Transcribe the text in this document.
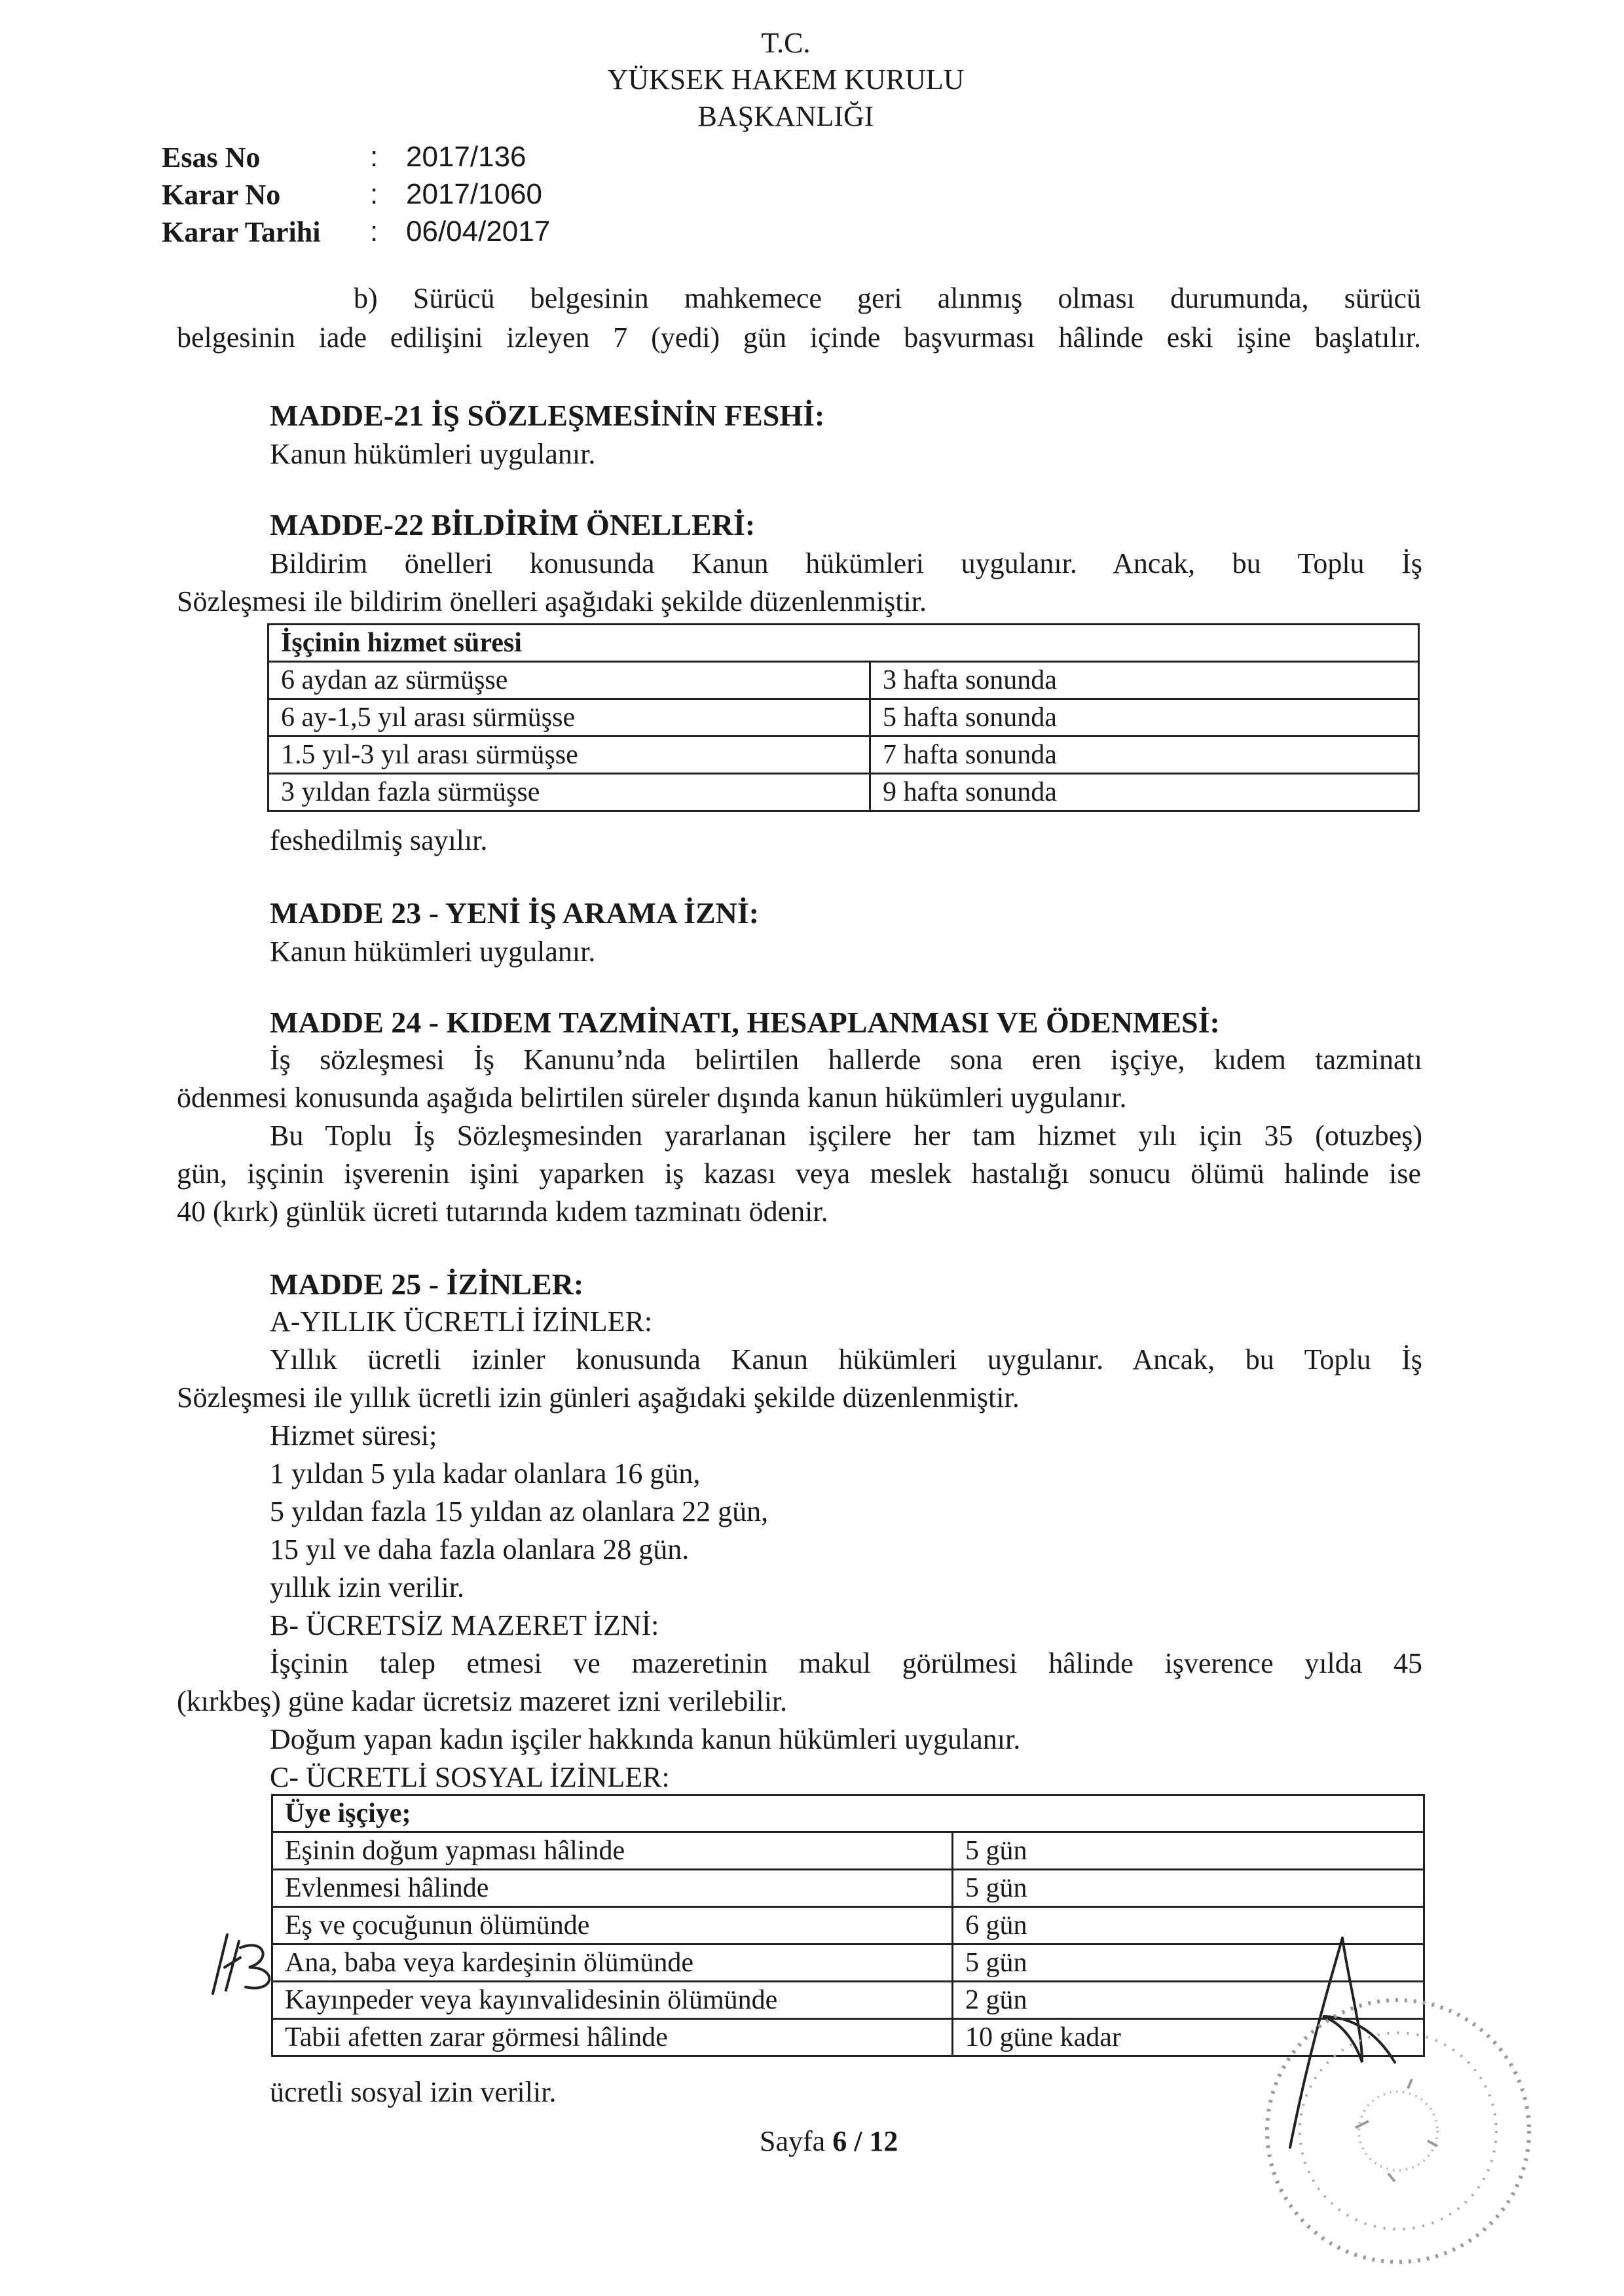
T.C.
YÜKSEK HAKEM KURULU
BAŞKANLIĞI
Esas No	: 2017/136
Karar No	: 2017/1060
Karar Tarihi : 06/04/2017
b) Sürücü belgesinin mahkemece geri alınmış olması durumunda, sürücü
belgesinin iade edilişini izleyen 7 (yedi) gün içinde başvurması hâlinde eski işine başlatılır.
MADDE-21 İŞ SÖZLEŞMESİNİN FESHİ:
Kanun hükümleri uygulanır.
MADDE-22 BİLDİRİM ÖNELLERİ:
Bildirim önelleri konusunda Kanun hükümleri uygulanır. Ancak, bu Toplu İş
Sözleşmesi ile bildirim önelleri aşağıdaki şekilde düzenlenmiştir.
İşçinin hizmet süresi	
6 aydan az sürmüşse	3 hafta sonunda
6 ay-1,5 yıl arası sürmüşse	5 hafta sonunda
1.5 yıl-3 yıl arası sürmüşse	7 hafta sonunda
3 yıldan fazla sürmüşse	9 hafta sonunda
feshedilmiş sayılır.
MADDE 23 - YENİ İŞ ARAMA İZNİ:
Kanun hükümleri uygulanır.
MADDE 24 - KIDEM TAZMİNATI, HESAPLANMASI VE ÖDENMESİ:
İş sözleşmesi İş Kanunu’nda belirtilen hallerde sona eren işçiye, kıdem tazminatı
ödenmesi konusunda aşağıda belirtilen süreler dışında kanun hükümleri uygulanır.
Bu Toplu İş Sözleşmesinden yararlanan işçilere her tam hizmet yılı için 35 (otuzbeş)
gün, işçinin işverenin işini yaparken iş kazası veya meslek hastalığı sonucu ölümü halinde ise
40 (kırk) günlük ücreti tutarında kıdem tazminatı ödenir.
MADDE 25 - İZİNLER:
A-YILLIK ÜCRETLİ İZİNLER:
Yıllık ücretli izinler konusunda Kanun hükümleri uygulanır. Ancak, bu Toplu İş
Sözleşmesi ile yıllık ücretli izin günleri aşağıdaki şekilde düzenlenmiştir.
Hizmet süresi;
1 yıldan 5 yıla kadar olanlara 16 gün,
5 yıldan fazla 15 yıldan az olanlara 22 gün,
15 yıl ve daha fazla olanlara 28 gün.
yıllık izin verilir.
B- ÜCRETSİZ MAZERET İZNİ:
İşçinin talep etmesi ve mazeretinin makul görülmesi hâlinde işverence yılda 45
(kırkbeş) güne kadar ücretsiz mazeret izni verilebilir.
Doğum yapan kadın işçiler hakkında kanun hükümleri uygulanır.
C- ÜCRETLİ SOSYAL İZİNLER:
Üye işçiye;	
Eşinin doğum yapması hâlinde	5 gün
Evlenmesi hâlinde	5 gün
Eş ve çocuğunun ölümünde	6 gün
Ana, baba veya kardeşinin ölümünde	5 gün
Kayınpeder veya kayınvalidesinin ölümünde	2 gün
Tabii afetten zarar görmesi hâlinde	10 güne kadar
ücretli sosyal izin verilir.
Sayfa 6 / 12
